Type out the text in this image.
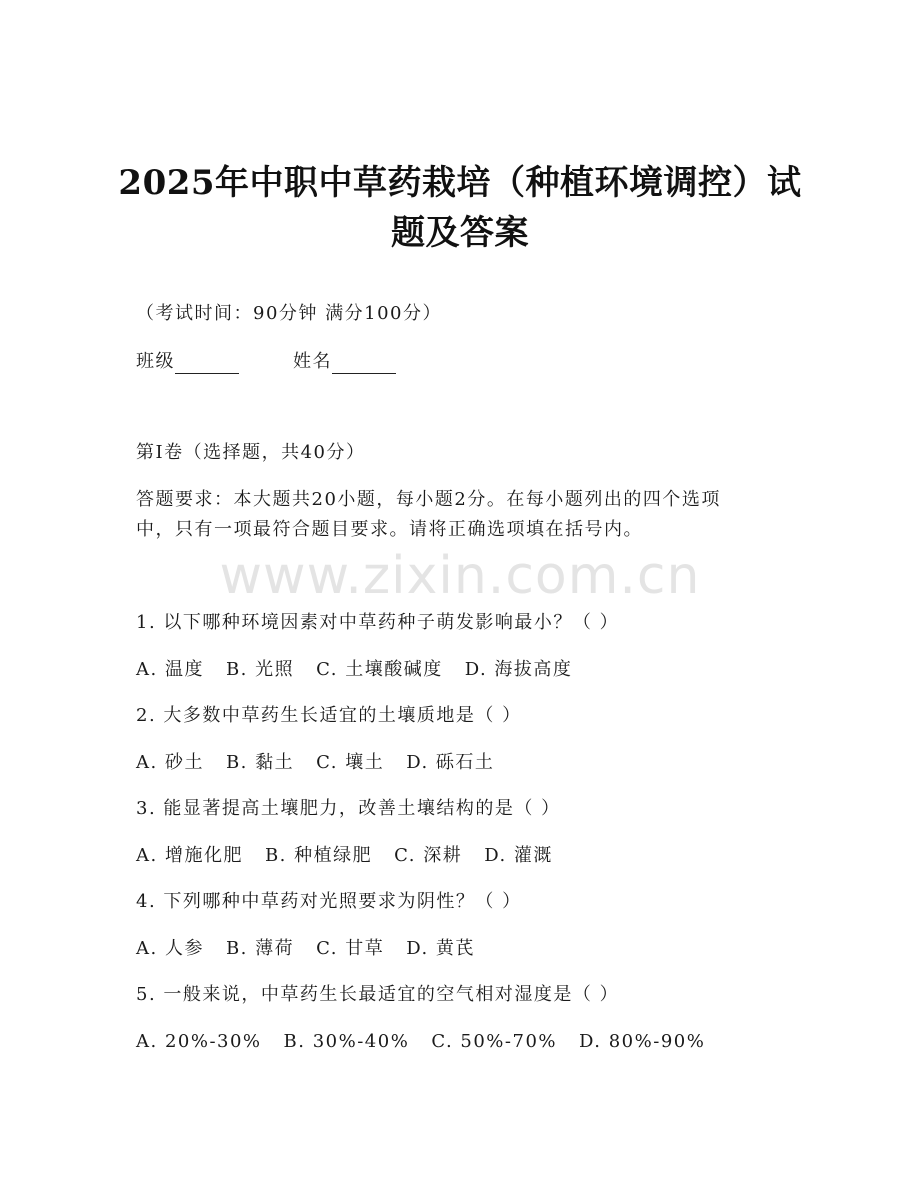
2025年中职中草药栽培（种植环境调控）试
题及答案
（考试时间：90分钟 满分100分）
班级	姓名
第I卷（选择题，共40分）
答题要求：本大题共20小题，每小题2分。在每小题列出的四个选项
中，只有一项最符合题目要求。请将正确选项填在括号内。
www.zixin.com.cn
1. 以下哪种环境因素对中草药种子萌发影响最小？（ ）
A. 温度 B. 光照 C. 土壤酸碱度 D. 海拔高度
2. 大多数中草药生长适宜的土壤质地是（ ）
A. 砂土 B. 黏土 C. 壤土 D. 砾石土
3. 能显著提高土壤肥力，改善土壤结构的是（ ）
A. 增施化肥 B. 种植绿肥 C. 深耕 D. 灌溉
4. 下列哪种中草药对光照要求为阴性？（ ）
A. 人参 B. 薄荷 C. 甘草 D. 黄芪
5. 一般来说，中草药生长最适宜的空气相对湿度是（ ）
A. 20%-30% B. 30%-40% C. 50%-70% D. 80%-90%
